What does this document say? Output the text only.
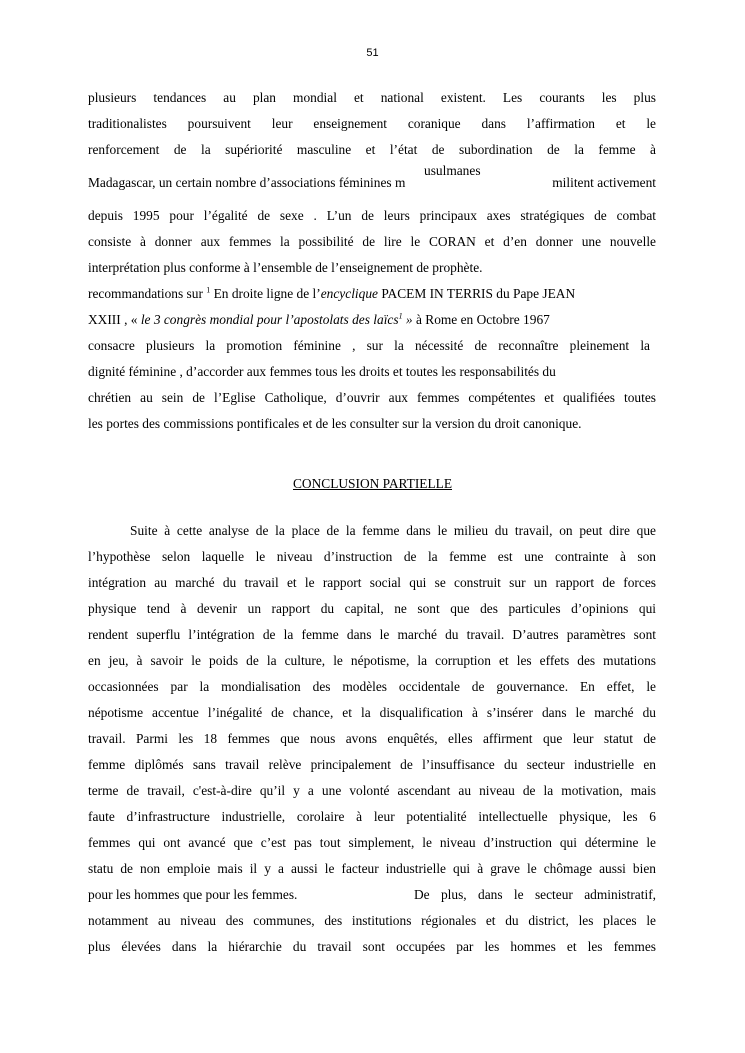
51
plusieurs tendances au plan mondial et national existent. Les courants les plus
traditionalistes poursuivent leur enseignement coranique dans l’affirmation et le
renforcement de la supériorité masculine et l’état de subordination de la femme à
Madagascar, un certain nombre d’associations féminines m
usulmanes
militent activement
depuis 1995 pour l’égalité de sexe . L’un de leurs principaux axes stratégiques de combat
consiste à donner aux femmes la possibilité de lire le CORAN et d’en donner une nouvelle
interprétation plus conforme à l’ensemble de l’enseignement de prophète.
recommandations sur $^1$ En droite ligne de l’encyclique PACEM IN TERRIS du Pape JEAN
XXIII , « le 3 congrès mondial pour l’apostolats des laïcs$^1$ » à Rome en Octobre 1967
consacre plusieurs la promotion féminine , sur la nécessité de reconnaître pleinement la
dignité féminine , d’accorder aux femmes tous les droits et toutes les responsabilités du
chrétien au sein de l’Eglise Catholique, d’ouvrir aux femmes compétentes et qualifiées toutes
les portes des commissions pontificales et de les consulter sur la version du droit canonique.
CONCLUSION PARTIELLE
Suite à cette analyse de la place de la femme dans le milieu du travail, on peut dire que
l’hypothèse selon laquelle le niveau d’instruction de la femme est une contrainte à son
intégration au marché du travail et le rapport social qui se construit sur un rapport de forces
physique tend à devenir un rapport du capital, ne sont que des particules d’opinions qui
rendent superflu l’intégration de la femme dans le marché du travail. D’autres paramètres sont
en jeu, à savoir le poids de la culture, le népotisme, la corruption et les effets des mutations
occasionnées par la mondialisation des modèles occidentale de gouvernance. En effet, le
népotisme accentue l’inégalité de chance, et la disqualification à s’insérer dans le marché du
travail. Parmi les 18 femmes que nous avons enquêtés, elles affirment que leur statut de
femme diplômés sans travail relève principalement de l’insuffisance du secteur industrielle en
terme de travail, c'est-à-dire qu’il y a une volonté ascendant au niveau de la motivation, mais
faute d’infrastructure industrielle, corolaire à leur potentialité intellectuelle physique, les 6
femmes qui ont avancé que c’est pas tout simplement, le niveau d’instruction qui détermine le
statu de non emploie mais il y a aussi le facteur industrielle qui à grave le chômage aussi bien
pour les hommes que pour les femmes.	De plus, dans le secteur administratif,
notamment au niveau des communes, des institutions régionales et du district, les places le
plus élevées dans la hiérarchie du travail sont occupées par les hommes et les femmes
